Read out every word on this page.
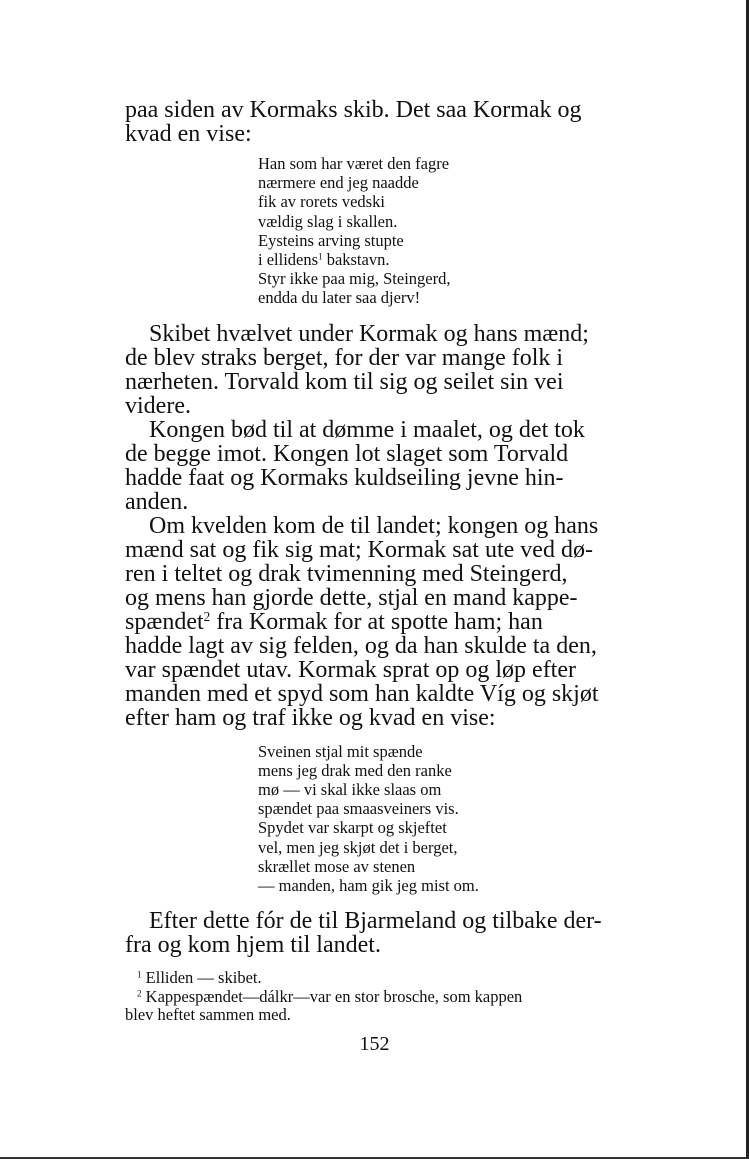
paa siden av Kormaks skib. Det saa Kormak og
kvad en vise:

Han som har været den fagre
nærmere end jeg naadde
fik av rorets vedski
vældig slag i skallen.
Eysteins arving stupte
i ellidens$^1$ bakstavn.
Styr ikke paa mig, Steingerd,
endda du later saa djerv!

Skibet hvælvet under Kormak og hans mænd;
de blev straks berget, for der var mange folk i
nærheten. Torvald kom til sig og seilet sin vei
videre.

Kongen bød til at dømme i maalet, og det tok
de begge imot. Kongen lot slaget som Torvald
hadde faat og Kormaks kuldseiling jevne hin-
anden.

Om kvelden kom de til landet; kongen og hans
mænd sat og fik sig mat; Kormak sat ute ved dø-
ren i teltet og drak tvimenning med Steingerd,
og mens han gjorde dette, stjal en mand kappe-
spændet$^2$ fra Kormak for at spotte ham; han
hadde lagt av sig felden, og da han skulde ta den,
var spændet utav. Kormak sprat op og løp efter
manden med et spyd som han kaldte Víg og skjøt
efter ham og traf ikke og kvad en vise:

Sveinen stjal mit spænde
mens jeg drak med den ranke
mø — vi skal ikke slaas om
spændet paa smaasveiners vis.
Spydet var skarpt og skjeftet
vel, men jeg skjøt det i berget,
skrællet mose av stenen
— manden, ham gik jeg mist om.

Efter dette fór de til Bjarmeland og tilbake der-
fra og kom hjem til landet.

$^1$ Elliden — skibet.
$^2$ Kappespændet—dálkr—var en stor brosche, som kappen
blev heftet sammen med.
152
